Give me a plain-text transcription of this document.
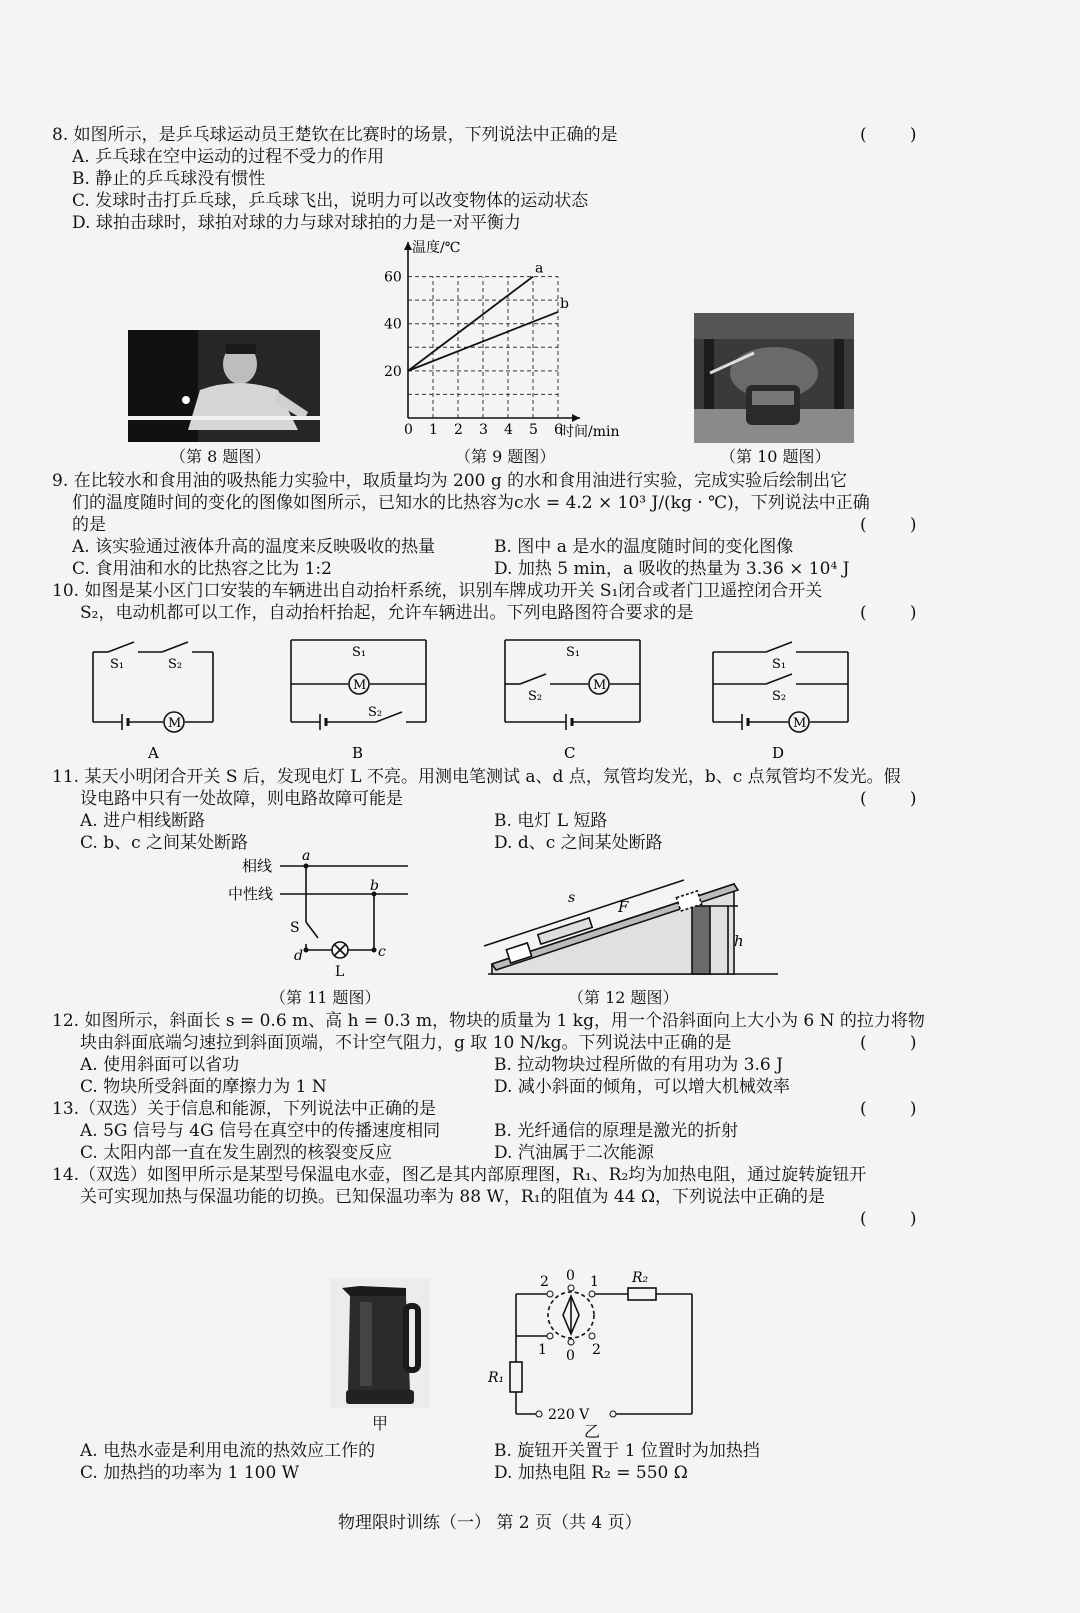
8. 如图所示，是乒乓球运动员王楚钦在比赛时的场景，下列说法中正确的是	(        )
A. 乒乓球在空中运动的过程不受力的作用
B. 静止的乒乓球没有惯性
C. 发球时击打乒乓球，乒乓球飞出，说明力可以改变物体的运动状态
D. 球拍击球时，球拍对球的力与球对球拍的力是一对平衡力
（第 8 题图）
0 1 2 3 4 5 6
20
40
60
温度/℃
时间/min
a
b
（第 9 题图）	（第 10 题图）
9. 在比较水和食用油的吸热能力实验中，取质量均为 200 g 的水和食用油进行实验，完成实验后绘制出它
们的温度随时间的变化的图像如图所示，已知水的比热容为c水 = 4.2 × 10³ J/(kg · ℃)，下列说法中正确
的是	(        )
A. 该实验通过液体升高的温度来反映吸收的热量	B. 图中 a 是水的温度随时间的变化图像
C. 食用油和水的比热容之比为 1:2	D. 加热 5 min，a 吸收的热量为 3.36 × 10⁴ J
10. 如图是某小区门口安装的车辆进出自动抬杆系统，识别车牌成功开关 S₁闭合或者门卫遥控闭合开关
S₂，电动机都可以工作，自动抬杆抬起，允许车辆进出。下列电路图符合要求的是	(        )
S₁	S₂
M
A
S₁
M
S₂
B
S₁
S₂
M
C
S₁
S₂
M
D
11. 某天小明闭合开关 S 后，发现电灯 L 不亮。用测电笔测试 a、d 点，氖管均发光，b、c 点氖管均不发光。假
设电路中只有一处故障，则电路故障可能是	(        )
A. 进户相线断路	B. 电灯 L 短路
C. b、c 之间某处断路	D. d、c 之间某处断路
相线
中性线
a
b
c
d
S
L
（第 11 题图）
s	F
h
（第 12 题图）
12. 如图所示，斜面长 s = 0.6 m、高 h = 0.3 m，物块的质量为 1 kg，用一个沿斜面向上大小为 6 N 的拉力将物
块由斜面底端匀速拉到斜面顶端，不计空气阻力，g 取 10 N/kg。下列说法中正确的是	(        )
A. 使用斜面可以省功	B. 拉动物块过程所做的有用功为 3.6 J
C. 物块所受斜面的摩擦力为 1 N	D. 减小斜面的倾角，可以增大机械效率
13.（双选）关于信息和能源，下列说法中正确的是	(        )
A. 5G 信号与 4G 信号在真空中的传播速度相同	B. 光纤通信的原理是激光的折射
C. 太阳内部一直在发生剧烈的核裂变反应	D. 汽油属于二次能源
14.（双选）如图甲所示是某型号保温电水壶，图乙是其内部原理图，R₁、R₂均为加热电阻，通过旋转旋钮开
关可实现加热与保温功能的切换。已知保温功率为 88 W，R₁的阻值为 44 Ω，下列说法中正确的是
(        )
甲
2 0 1
1 0 2
R₂
R₁
220 V
乙
A. 电热水壶是利用电流的热效应工作的	B. 旋钮开关置于 1 位置时为加热挡
C. 加热挡的功率为 1 100 W	D. 加热电阻 R₂ = 550 Ω
物理限时训练（一） 第 2 页（共 4 页）
